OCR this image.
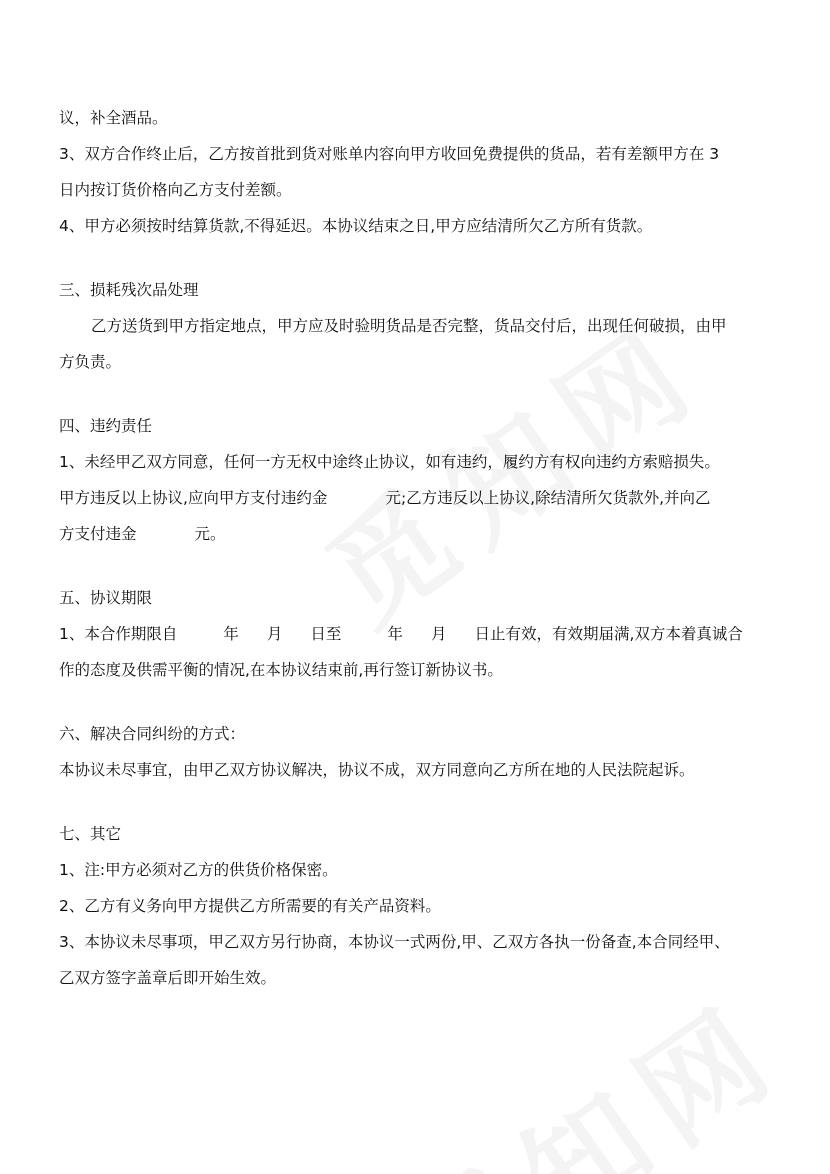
议，补全酒品。
3、双方合作终止后，乙方按首批到货对账单内容向甲方收回免费提供的货品，若有差额甲方在 3
日内按订货价格向乙方支付差额。
4、甲方必须按时结算货款,不得延迟。本协议结束之日,甲方应结清所欠乙方所有货款。
三、损耗残次品处理
乙方送货到甲方指定地点，甲方应及时验明货品是否完整，货品交付后，出现任何破损，由甲
方负责。
四、违约责任
1、未经甲乙双方同意，任何一方无权中途终止协议，如有违约，履约方有权向违约方索赔损失。
甲方违反以上协议,应向甲方支付违约金	元;乙方违反以上协议,除结清所欠货款外,并向乙
方支付违金	元。
五、协议期限
1、本合作期限自	年 月 日至	年 月 日止有效，有效期届满,双方本着真诚合
作的态度及供需平衡的情况,在本协议结束前,再行签订新协议书。
六、解决合同纠纷的方式：
本协议未尽事宜，由甲乙双方协议解决，协议不成，双方同意向乙方所在地的人民法院起诉。
七、其它
1、注:甲方必须对乙方的供货价格保密。
2、乙方有义务向甲方提供乙方所需要的有关产品资料。
3、本协议未尽事项，甲乙双方另行协商，本协议一式两份,甲、乙双方各执一份备查,本合同经甲、
乙双方签字盖章后即开始生效。
